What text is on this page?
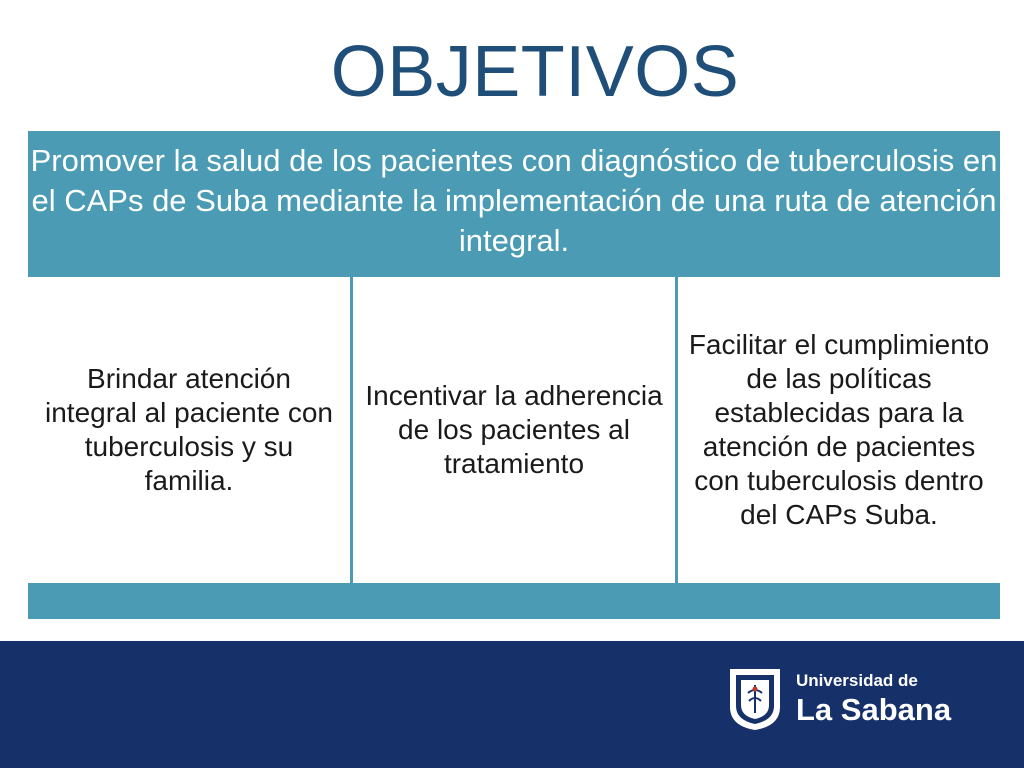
OBJETIVOS
Promover la salud de los pacientes con diagnóstico de tuberculosis en el CAPs de Suba mediante la implementación de una ruta de atención integral.
Brindar atención integral al paciente con tuberculosis y su familia.
Incentivar la adherencia de los pacientes al tratamiento
Facilitar el cumplimiento de las políticas establecidas para la atención de pacientes con tuberculosis dentro del CAPs Suba.
Universidad de
La Sabana
